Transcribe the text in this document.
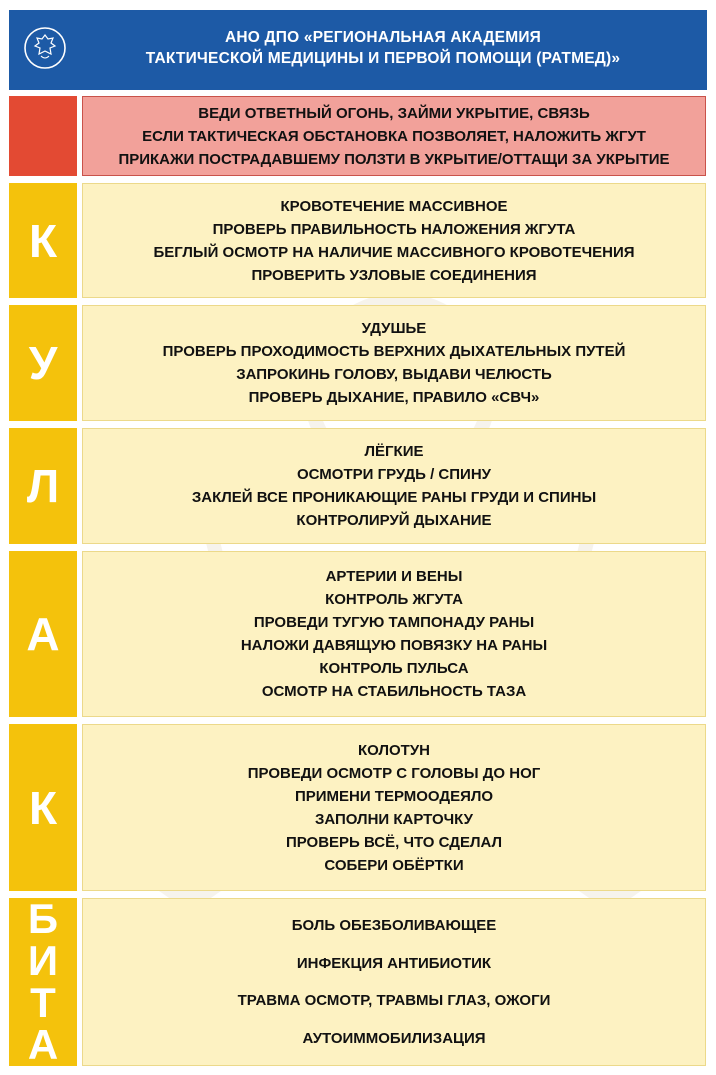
АНО ДПО «РЕГИОНАЛЬНАЯ АКАДЕМИЯ
ТАКТИЧЕСКОЙ МЕДИЦИНЫ И ПЕРВОЙ ПОМОЩИ (РАТМЕД)»
ВЕДИ ОТВЕТНЫЙ ОГОНЬ, ЗАЙМИ УКРЫТИЕ, СВЯЗЬ
ЕСЛИ ТАКТИЧЕСКАЯ ОБСТАНОВКА ПОЗВОЛЯЕТ, НАЛОЖИТЬ ЖГУТ
ПРИКАЖИ ПОСТРАДАВШЕМУ ПОЛЗТИ В УКРЫТИЕ/ОТТАЩИ ЗА УКРЫТИЕ
К
КРОВОТЕЧЕНИЕ МАССИВНОЕ
ПРОВЕРЬ ПРАВИЛЬНОСТЬ НАЛОЖЕНИЯ ЖГУТА
БЕГЛЫЙ ОСМОТР НА НАЛИЧИЕ МАССИВНОГО КРОВОТЕЧЕНИЯ
ПРОВЕРИТЬ УЗЛОВЫЕ СОЕДИНЕНИЯ
У
УДУШЬЕ
ПРОВЕРЬ ПРОХОДИМОСТЬ ВЕРХНИХ ДЫХАТЕЛЬНЫХ ПУТЕЙ
ЗАПРОКИНЬ ГОЛОВУ, ВЫДАВИ ЧЕЛЮСТЬ
ПРОВЕРЬ ДЫХАНИЕ, ПРАВИЛО «СВЧ»
Л
ЛЁГКИЕ
ОСМОТРИ ГРУДЬ / СПИНУ
ЗАКЛЕЙ ВСЕ ПРОНИКАЮЩИЕ РАНЫ ГРУДИ И СПИНЫ
КОНТРОЛИРУЙ ДЫХАНИЕ
А
АРТЕРИИ И ВЕНЫ
КОНТРОЛЬ ЖГУТА
ПРОВЕДИ ТУГУЮ ТАМПОНАДУ РАНЫ
НАЛОЖИ ДАВЯЩУЮ ПОВЯЗКУ НА РАНЫ
КОНТРОЛЬ ПУЛЬСА
ОСМОТР НА СТАБИЛЬНОСТЬ ТАЗА
К
КОЛОТУН
ПРОВЕДИ ОСМОТР С ГОЛОВЫ ДО НОГ
ПРИМЕНИ ТЕРМООДЕЯЛО
ЗАПОЛНИ КАРТОЧКУ
ПРОВЕРЬ ВСЁ, ЧТО СДЕЛАЛ
СОБЕРИ ОБЁРТКИ
Б
И
Т
А
БОЛЬ ОБЕЗБОЛИВАЮЩЕЕ
ИНФЕКЦИЯ АНТИБИОТИК
ТРАВМА ОСМОТР, ТРАВМЫ ГЛАЗ, ОЖОГИ
АУТОИММОБИЛИЗАЦИЯ
